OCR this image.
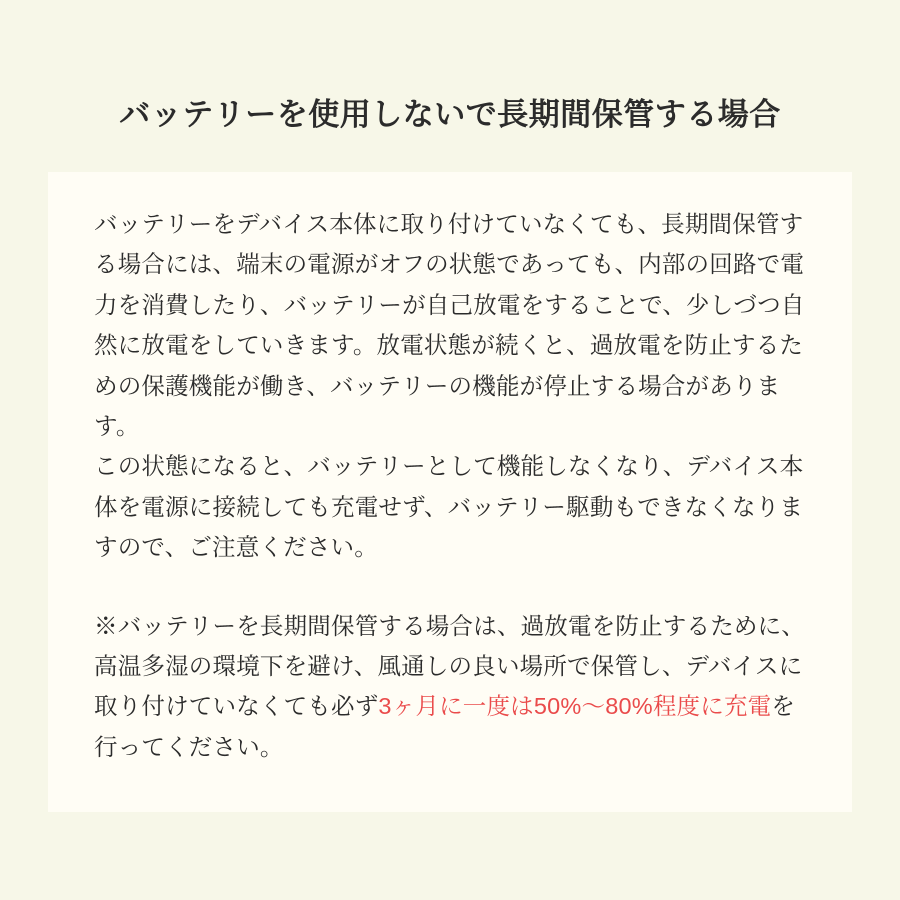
バッテリーを使用しないで長期間保管する場合

バッテリーをデバイス本体に取り付けていなくても、長期間保管する場合には、端末の電源がオフの状態であっても、内部の回路で電力を消費したり、バッテリーが自己放電をすることで、少しづつ自然に放電をしていきます。放電状態が続くと、過放電を防止するための保護機能が働き、バッテリーの機能が停止する場合があります。

この状態になると、バッテリーとして機能しなくなり、デバイス本体を電源に接続しても充電せず、バッテリー駆動もできなくなりますので、ご注意ください。

※バッテリーを長期間保管する場合は、過放電を防止するために、高温多湿の環境下を避け、風通しの良い場所で保管し、デバイスに取り付けていなくても必ず3ヶ月に一度は50%～80%程度に充電を行ってください。
